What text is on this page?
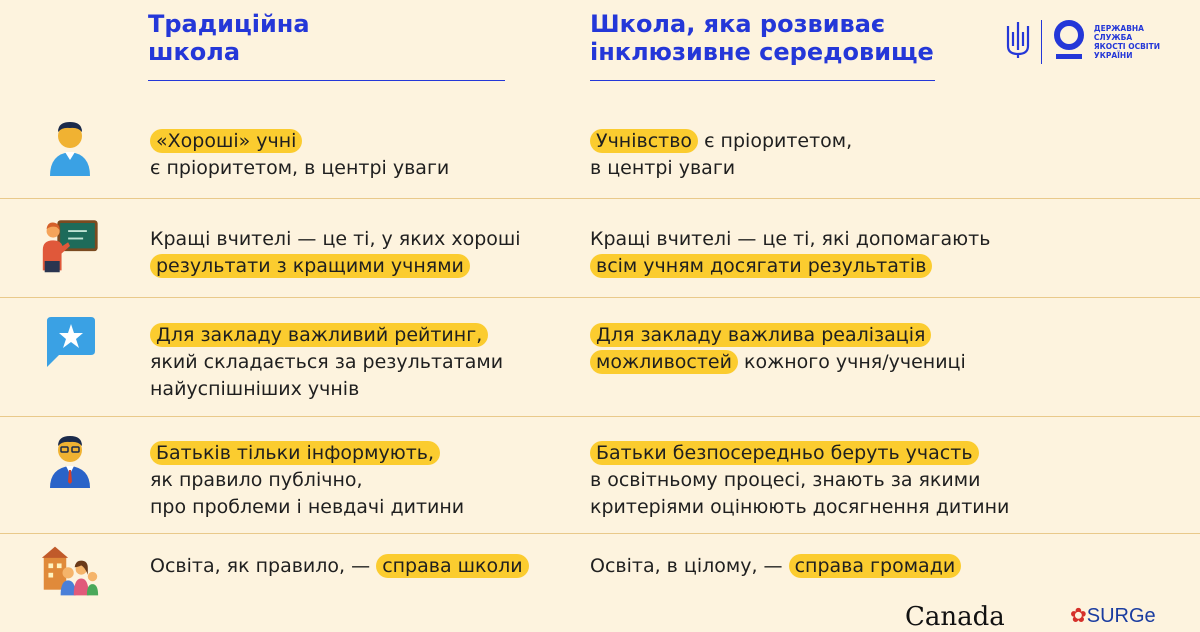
Традиційна
школа
Школа, яка розвиває
інклюзивне середовище
ДЕРЖАВНА
СЛУЖБА
ЯКОСТІ ОСВІТИ
УКРАЇНИ
«Хороші» учні
є пріоритетом, в центрі уваги
Учнівство є пріоритетом,
в центрі уваги
Кращі вчителі — це ті, у яких хороші
результати з кращими учнями
Кращі вчителі — це ті, які допомагають
всім учням досягати результатів
Для закладу важливий рейтинг,
який складається за результатами
найуспішніших учнів
Для закладу важлива реалізація
можливостей кожного учня/учениці
Батьків тільки інформують,
як правило публічно,
про проблеми і невдачі дитини
Батьки безпосередньо беруть участь
в освітньому процесі, знають за якими
критеріями оцінюють досягнення дитини
Освіта, як правило, — справа школи	Освіта, в цілому, — справа громади
Canada	✿SURGe
